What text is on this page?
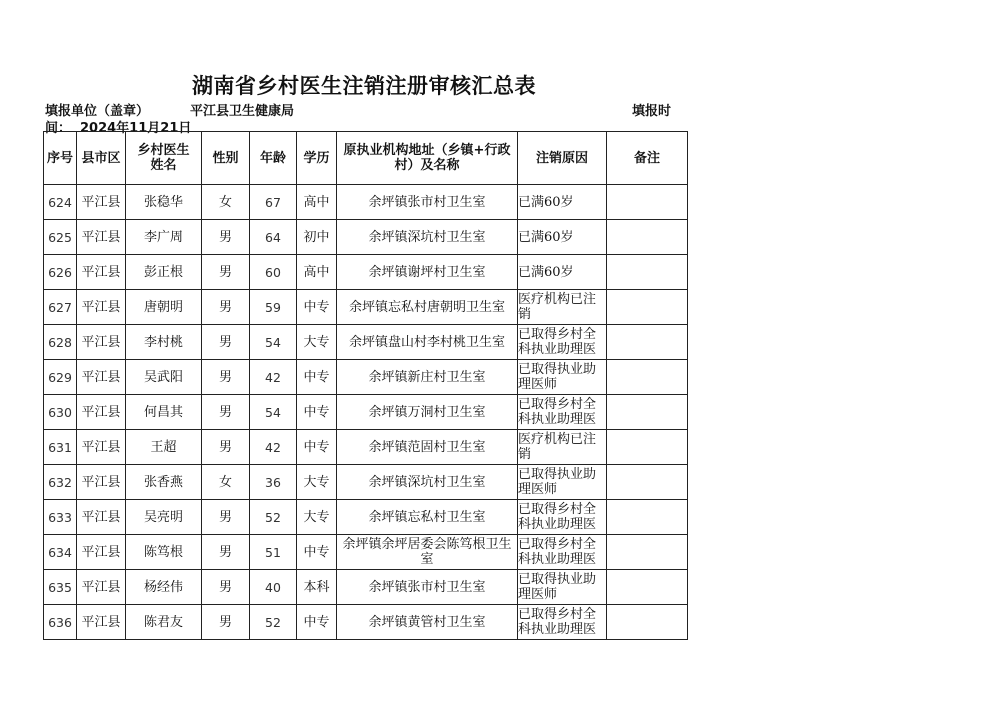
湖南省乡村医生注销注册审核汇总表
填报单位（盖章）	平江县卫生健康局	填报时
间： 2024年11月21日
序号	县市区	乡村医生姓名	性别	年龄	学历	原执业机构地址（乡镇+行政村）及名称	注销原因	备注
624	平江县	张稳华	女	67	高中	余坪镇张市村卫生室	已满60岁	
625	平江县	李广周	男	64	初中	余坪镇深坑村卫生室	已满60岁	
626	平江县	彭正根	男	60	高中	余坪镇谢坪村卫生室	已满60岁	
627	平江县	唐朝明	男	59	中专	余坪镇忘私村唐朝明卫生室	医疗机构已注销	
628	平江县	李村桃	男	54	大专	余坪镇盘山村李村桃卫生室	已取得乡村全科执业助理医	
629	平江县	吴武阳	男	42	中专	余坪镇新庄村卫生室	已取得执业助理医师	
630	平江县	何昌其	男	54	中专	余坪镇万洞村卫生室	已取得乡村全科执业助理医	
631	平江县	王超	男	42	中专	余坪镇范固村卫生室	医疗机构已注销	
632	平江县	张香燕	女	36	大专	余坪镇深坑村卫生室	已取得执业助理医师	
633	平江县	吴亮明	男	52	大专	余坪镇忘私村卫生室	已取得乡村全科执业助理医	
634	平江县	陈笃根	男	51	中专	余坪镇余坪居委会陈笃根卫生室	已取得乡村全科执业助理医	
635	平江县	杨经伟	男	40	本科	余坪镇张市村卫生室	已取得执业助理医师	
636	平江县	陈君友	男	52	中专	余坪镇黄管村卫生室	已取得乡村全科执业助理医	
